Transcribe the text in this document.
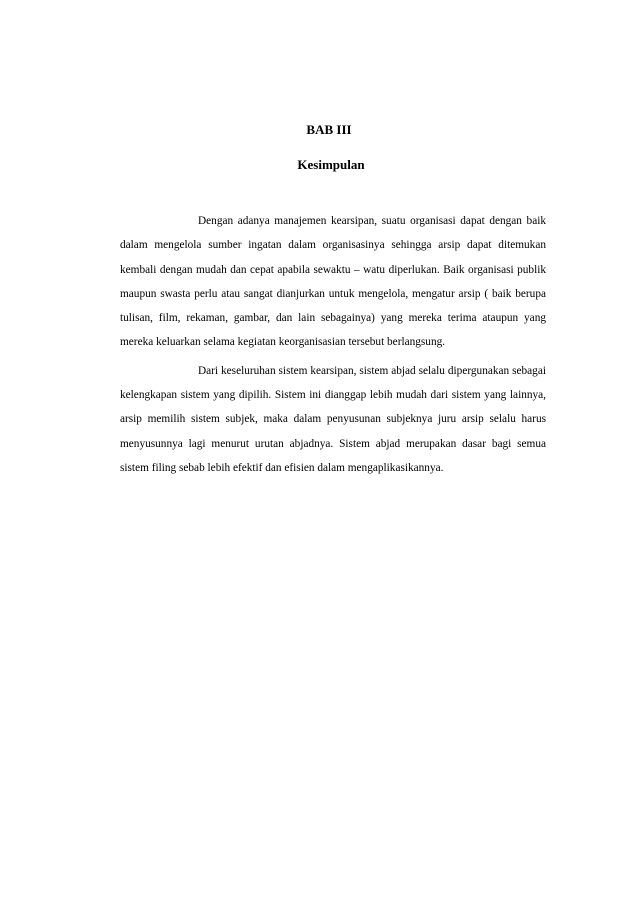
BAB III
Kesimpulan

Dengan adanya manajemen kearsipan, suatu organisasi dapat dengan baik dalam mengelola sumber ingatan dalam organisasinya sehingga arsip dapat ditemukan kembali dengan mudah dan cepat apabila sewaktu – watu diperlukan. Baik organisasi publik maupun swasta perlu atau sangat dianjurkan untuk mengelola, mengatur arsip ( baik berupa tulisan, film, rekaman, gambar, dan lain sebagainya) yang mereka terima ataupun yang mereka keluarkan selama kegiatan keorganisasian tersebut berlangsung.

Dari keseluruhan sistem kearsipan, sistem abjad selalu dipergunakan sebagai kelengkapan sistem yang dipilih. Sistem ini dianggap lebih mudah dari sistem yang lainnya, arsip memilih sistem subjek, maka dalam penyusunan subjeknya juru arsip selalu harus menyusunnya lagi menurut urutan abjadnya. Sistem abjad merupakan dasar bagi semua sistem filing sebab lebih efektif dan efisien dalam mengaplikasikannya.
